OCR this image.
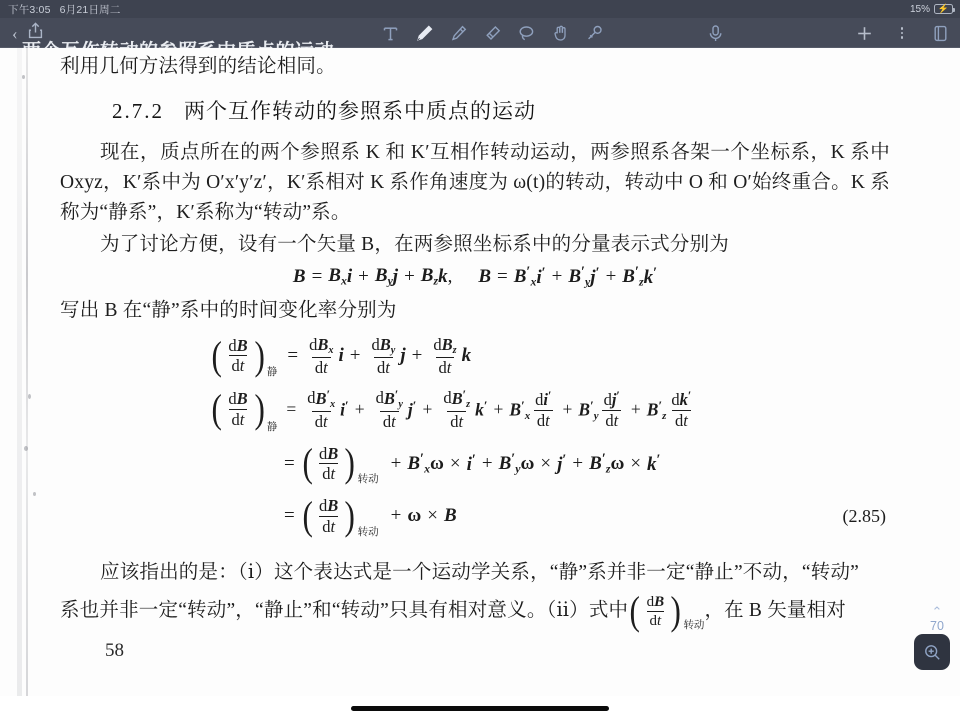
下午3:05 6月21日周二	15% ⚡
‹
利用几何方法得到的结论相同。
2.7.2 两个互作转动的参照系中质点的运动
现在，质点所在的两个参照系 K 和 K′互相作转动运动，两参照系各架一个坐标系，K 系中 Oxyz，K′系中为 O′x′y′z′，K′系相对 K 系作角速度为 ω(t)的转动，转动中 O 和 O′始终重合。K 系称为“静系”，K′系称为“转动”系。
为了讨论方便，设有一个矢量 B，在两参照坐标系中的分量表示式分别为
$B = B_x$ $i + B_y$ $j + B_z$ k , $B = B'_x$ $i' + B'_y$ $j' + B'_z$ k′
写出 B 在“静”系中的时间变化率分别为
( $\frac{dB}{dt}$ ) 静
= $\frac{dB_x}{dt}$ $i + \frac{dB_y}{dt}$ $j + \frac{dB_z}{dt}$ k
( $\frac{dB}{dt}$ ) 静
= $\frac{dB'_x}{dt} i' + \frac{dB'_y}{dt} j' + \frac{dB'_z}{dt} k' + B'_x \frac{di'}{dt} + B'_y \frac{dj'}{dt} + B'_z \frac{dk'}{dt}$
= ( $\frac{dB}{dt}$ ) 转动
+ $B'_x$ $\omega \times i' + B'_y$ $\omega \times j' + B'_z$ ω × k′
= ( $\frac{dB}{dt}$ ) 转动
+ ω × B	(2.85)
应该指出的是：（ⅰ）这个表达式是一个运动学关系，“静”系并非一定“静止”不动，“转动”
系也并非一定“转动”，“静止”和“转动”只具有相对意义。（ⅱ）式中 ( $\frac{dB}{dt}$ ) 转动
，在 B 矢量相对
58
⌃
70
